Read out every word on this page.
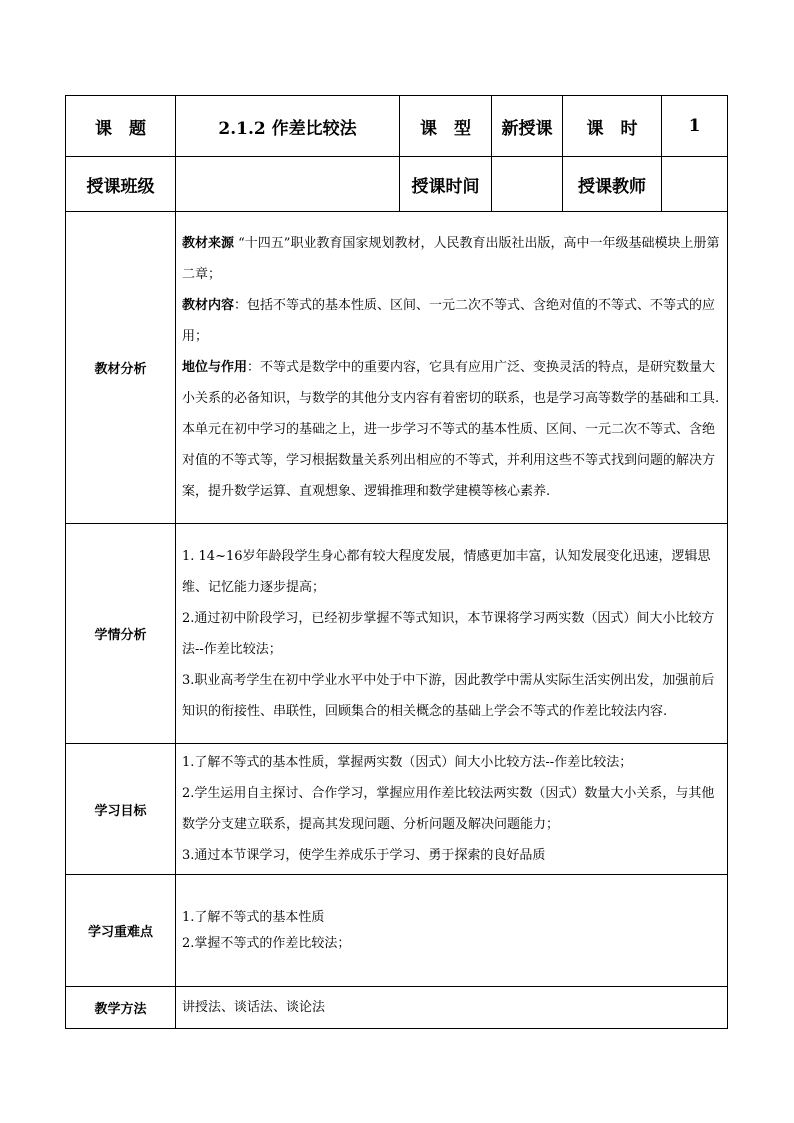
课　题	2.1.2 作差比较法	课　型	新授课	课　时	1
授课班级		授课时间		授课教师	
教材分析	教材来源 “十四五”职业教育国家规划教材，人民教育出版社出版，高中一年级基础模块上册第二章；

教材内容：包括不等式的基本性质、区间、一元二次不等式、含绝对值的不等式、不等式的应用；

地位与作用：不等式是数学中的重要内容，它具有应用广泛、变换灵活的特点，是研究数量大小关系的必备知识，与数学的其他分支内容有着密切的联系，也是学习高等数学的基础和工具.本单元在初中学习的基础之上，进一步学习不等式的基本性质、区间、一元二次不等式、含绝对值的不等式等，学习根据数量关系列出相应的不等式，并利用这些不等式找到问题的解决方案，提升数学运算、直观想象、逻辑推理和数学建模等核心素养.				

学情分析	1. 14~16岁年龄段学生身心都有较大程度发展，情感更加丰富，认知发展变化迅速，逻辑思维、记忆能力逐步提高；

2.通过初中阶段学习，已经初步掌握不等式知识，本节课将学习两实数（因式）间大小比较方法--作差比较法；

3.职业高考学生在初中学业水平中处于中下游，因此教学中需从实际生活实例出发，加强前后知识的衔接性、串联性，回顾集合的相关概念的基础上学会不等式的作差比较法内容.				

学习目标	1.了解不等式的基本性质，掌握两实数（因式）间大小比较方法--作差比较法；

2.学生运用自主探讨、合作学习，掌握应用作差比较法两实数（因式）数量大小关系，与其他数学分支建立联系，提高其发现问题、分析问题及解决问题能力；

3.通过本节课学习，使学生养成乐于学习、勇于探索的良好品质				

学习重难点	1.了解不等式的基本性质

2.掌握不等式的作差比较法；				

教学方法	讲授法、谈话法、谈论法				
